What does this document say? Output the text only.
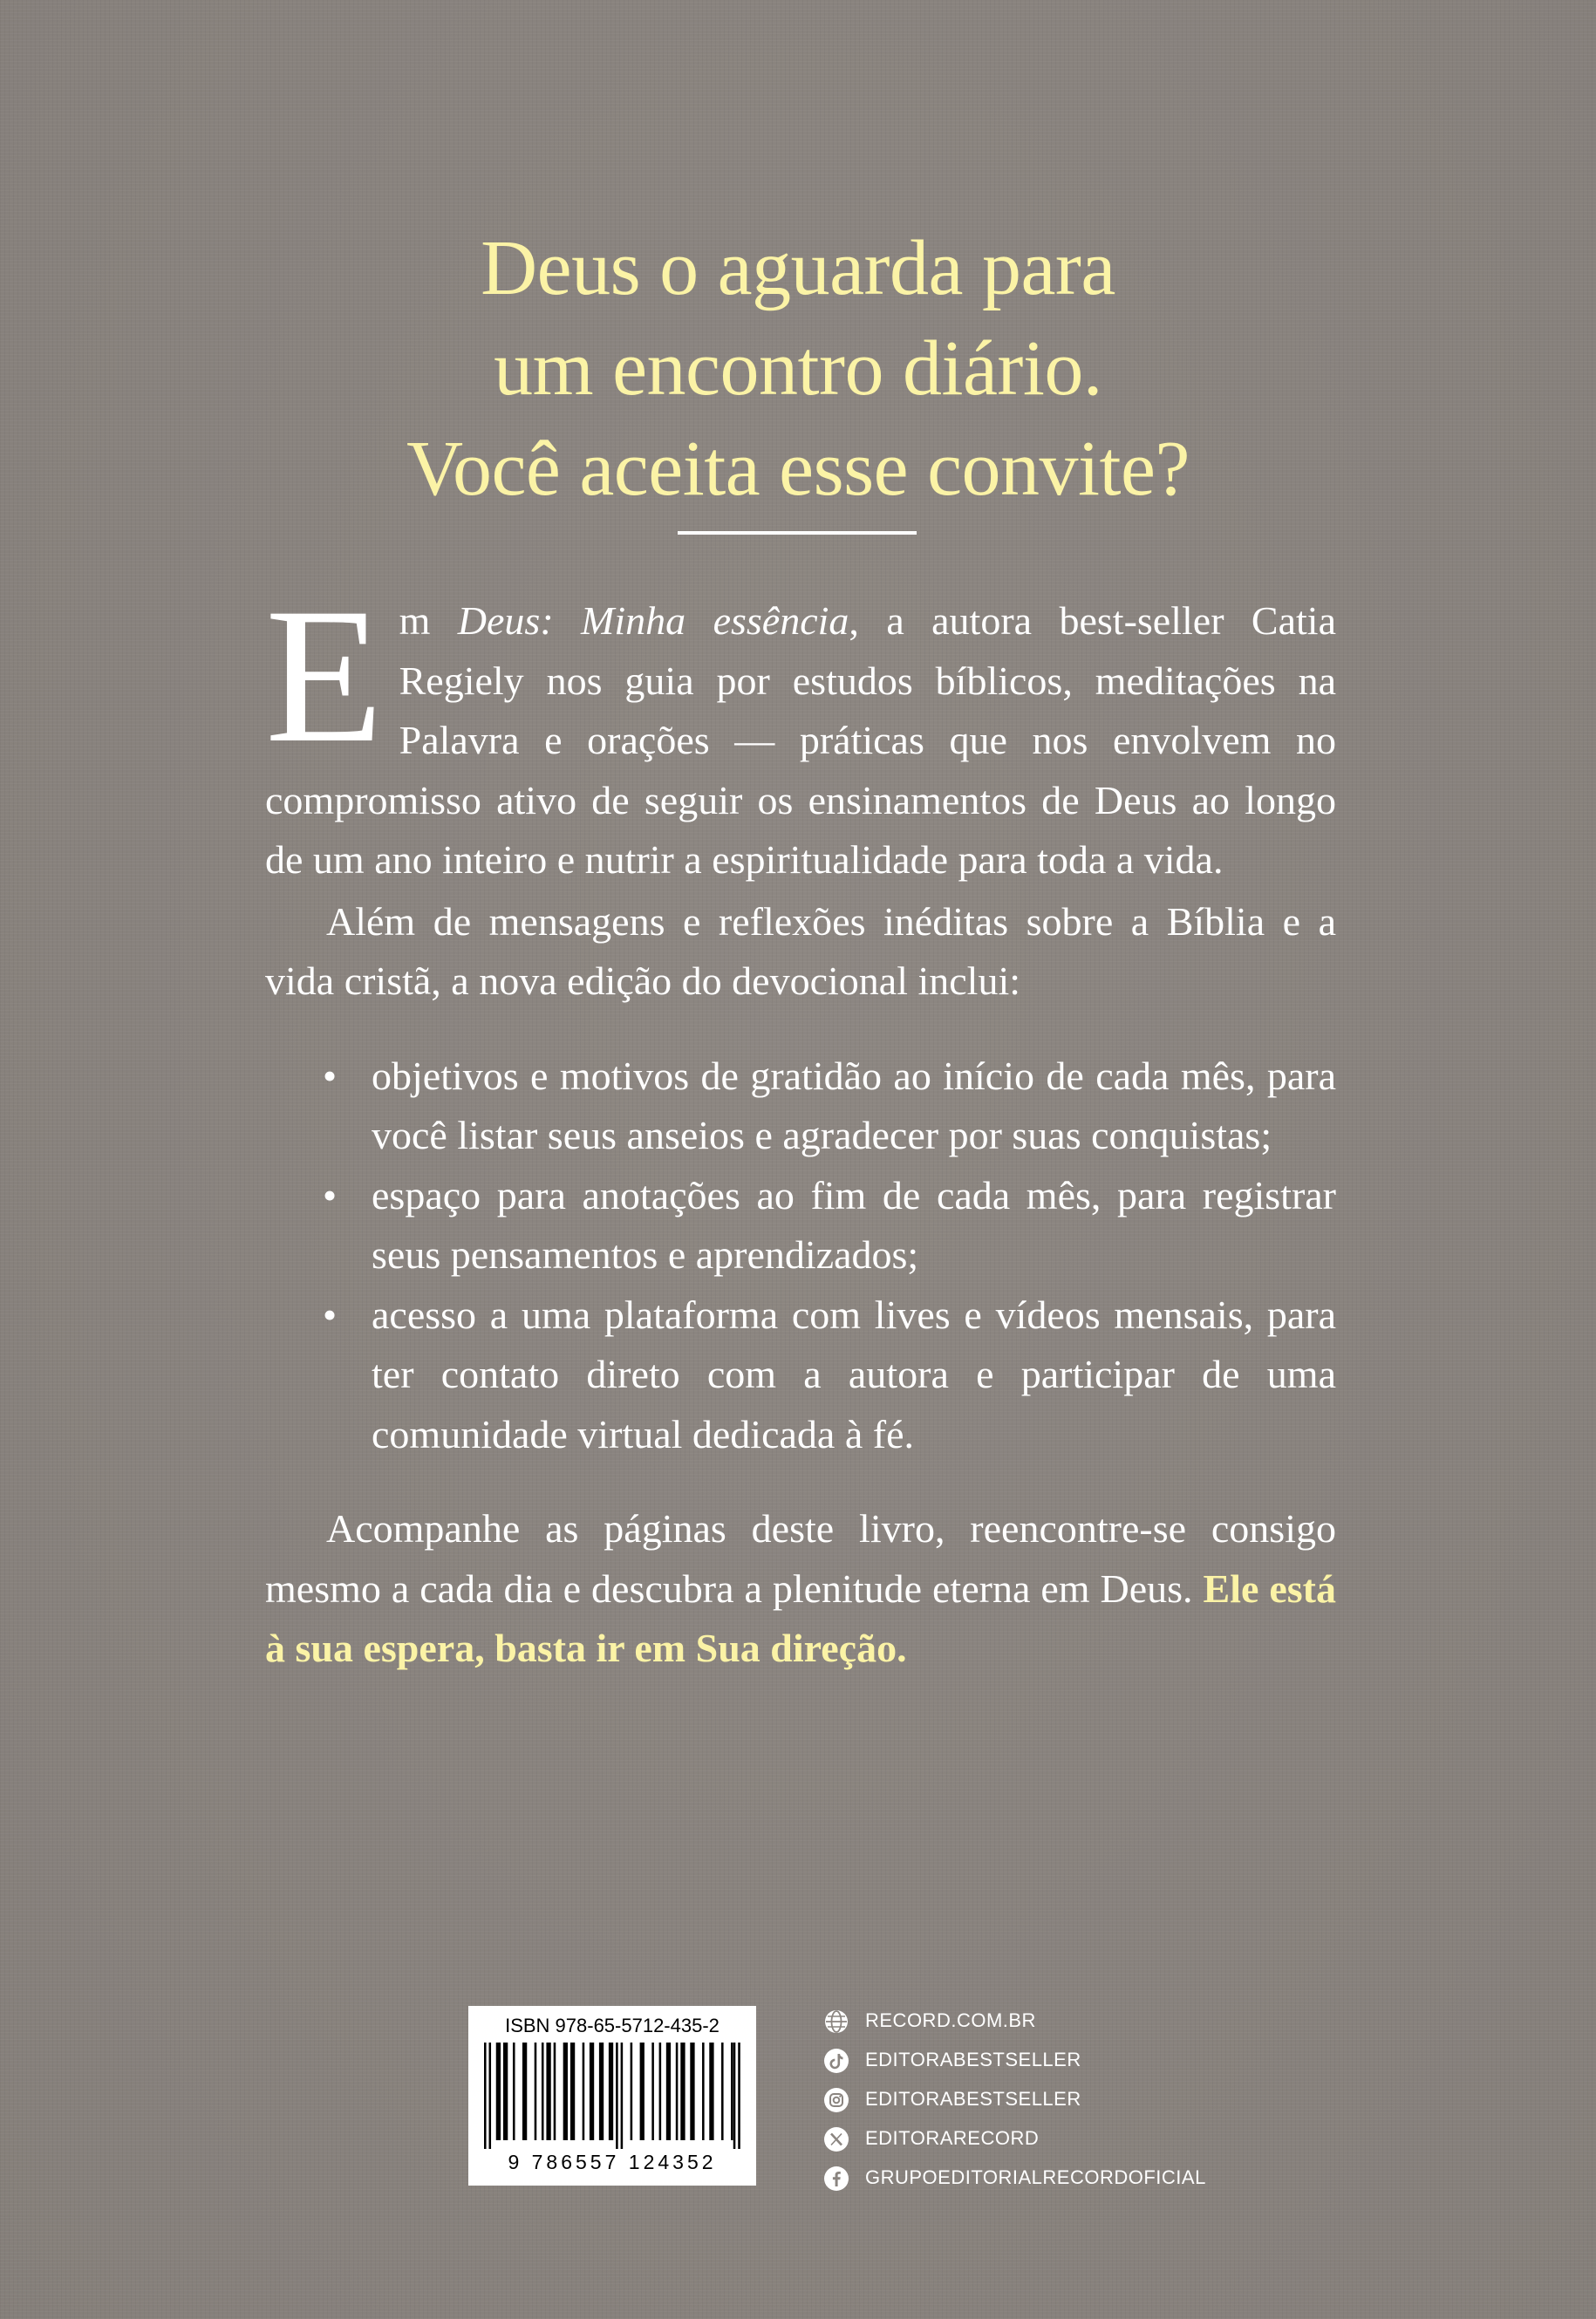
Deus o aguarda para
um encontro diário.
Você aceita esse convite?

Em Deus: Minha essência, a autora best-seller Catia Regiely nos guia por estudos bíblicos, meditações na Palavra e orações — práticas que nos envolvem no compromisso ativo de seguir os ensinamentos de Deus ao longo de um ano inteiro e nutrir a espiritualidade para toda a vida.

Além de mensagens e reflexões inéditas sobre a Bíblia e a vida cristã, a nova edição do devocional inclui:

• objetivos e motivos de gratidão ao início de cada mês, para você listar seus anseios e agradecer por suas conquistas;
• espaço para anotações ao fim de cada mês, para registrar seus pensamentos e aprendizados;
• acesso a uma plataforma com lives e vídeos mensais, para ter contato direto com a autora e participar de uma comunidade virtual dedicada à fé.

Acompanhe as páginas deste livro, reencontre-se consigo mesmo a cada dia e descubra a plenitude eterna em Deus. Ele está à sua espera, basta ir em Sua direção.

ISBN 978-65-5712-435-2
9 786557 124352
RECORD.COM.BR
EDITORABESTSELLER
EDITORABESTSELLER
EDITORARECORD
GRUPOEDITORIALRECORDOFICIAL
